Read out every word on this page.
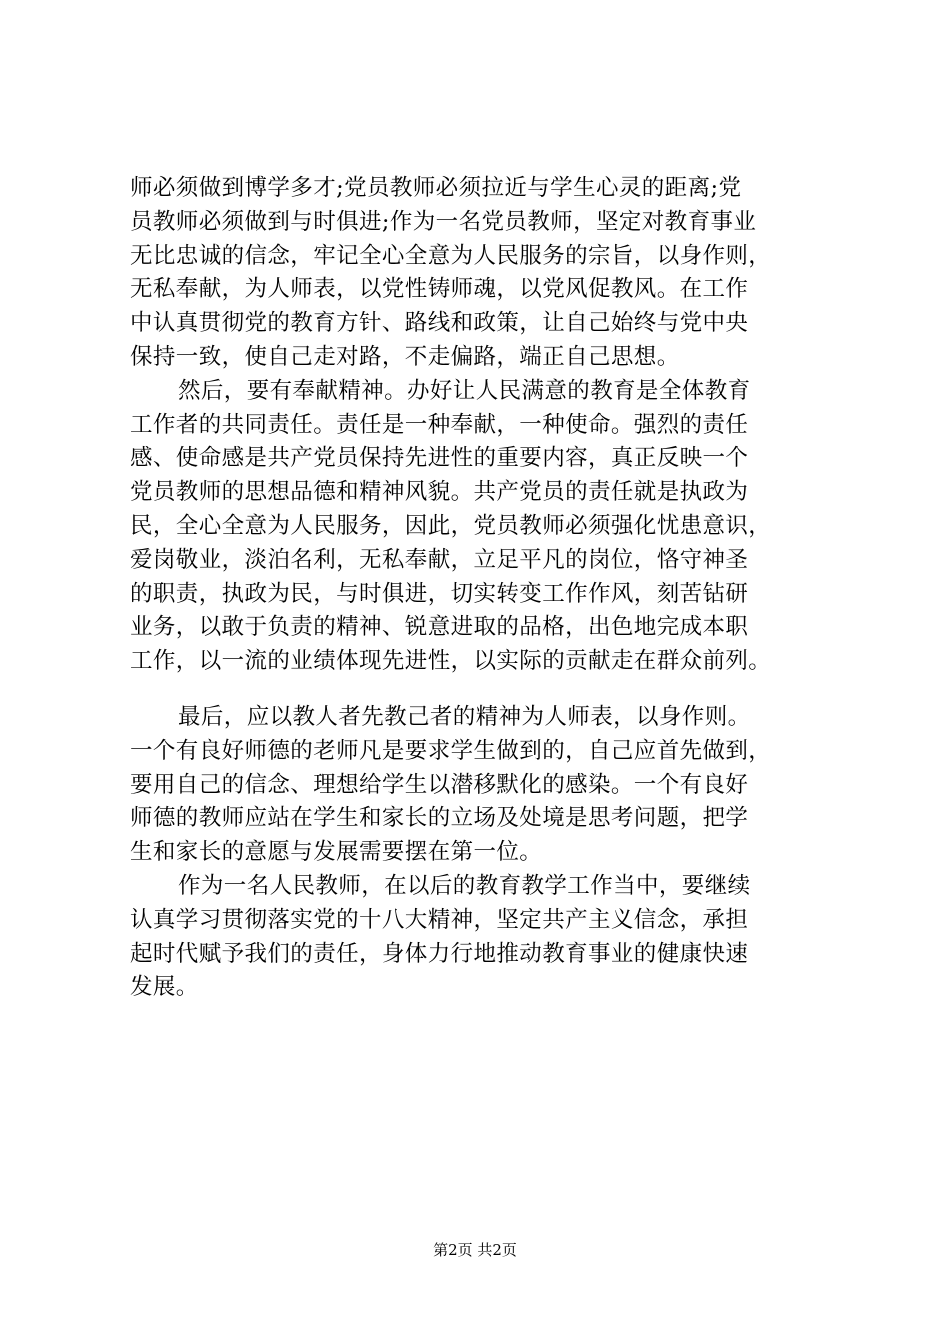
师必须做到博学多才;党员教师必须拉近与学生心灵的距离;党
员教师必须做到与时俱进;作为一名党员教师，坚定对教育事业
无比忠诚的信念，牢记全心全意为人民服务的宗旨，以身作则，
无私奉献，为人师表，以党性铸师魂，以党风促教风。在工作
中认真贯彻党的教育方针、路线和政策，让自己始终与党中央
保持一致，使自己走对路，不走偏路，端正自己思想。
然后，要有奉献精神。办好让人民满意的教育是全体教育
工作者的共同责任。责任是一种奉献，一种使命。强烈的责任
感、使命感是共产党员保持先进性的重要内容，真正反映一个
党员教师的思想品德和精神风貌。共产党员的责任就是执政为
民，全心全意为人民服务，因此，党员教师必须强化忧患意识，
爱岗敬业，淡泊名利，无私奉献，立足平凡的岗位，恪守神圣
的职责，执政为民，与时俱进，切实转变工作作风，刻苦钻研
业务，以敢于负责的精神、锐意进取的品格，出色地完成本职
工作，以一流的业绩体现先进性，以实际的贡献走在群众前列。
最后，应以教人者先教己者的精神为人师表，以身作则。
一个有良好师德的老师凡是要求学生做到的，自己应首先做到，
要用自己的信念、理想给学生以潜移默化的感染。一个有良好
师德的教师应站在学生和家长的立场及处境是思考问题，把学
生和家长的意愿与发展需要摆在第一位。
作为一名人民教师，在以后的教育教学工作当中，要继续
认真学习贯彻落实党的十八大精神，坚定共产主义信念，承担
起时代赋予我们的责任，身体力行地推动教育事业的健康快速
发展。
第2页 共2页
